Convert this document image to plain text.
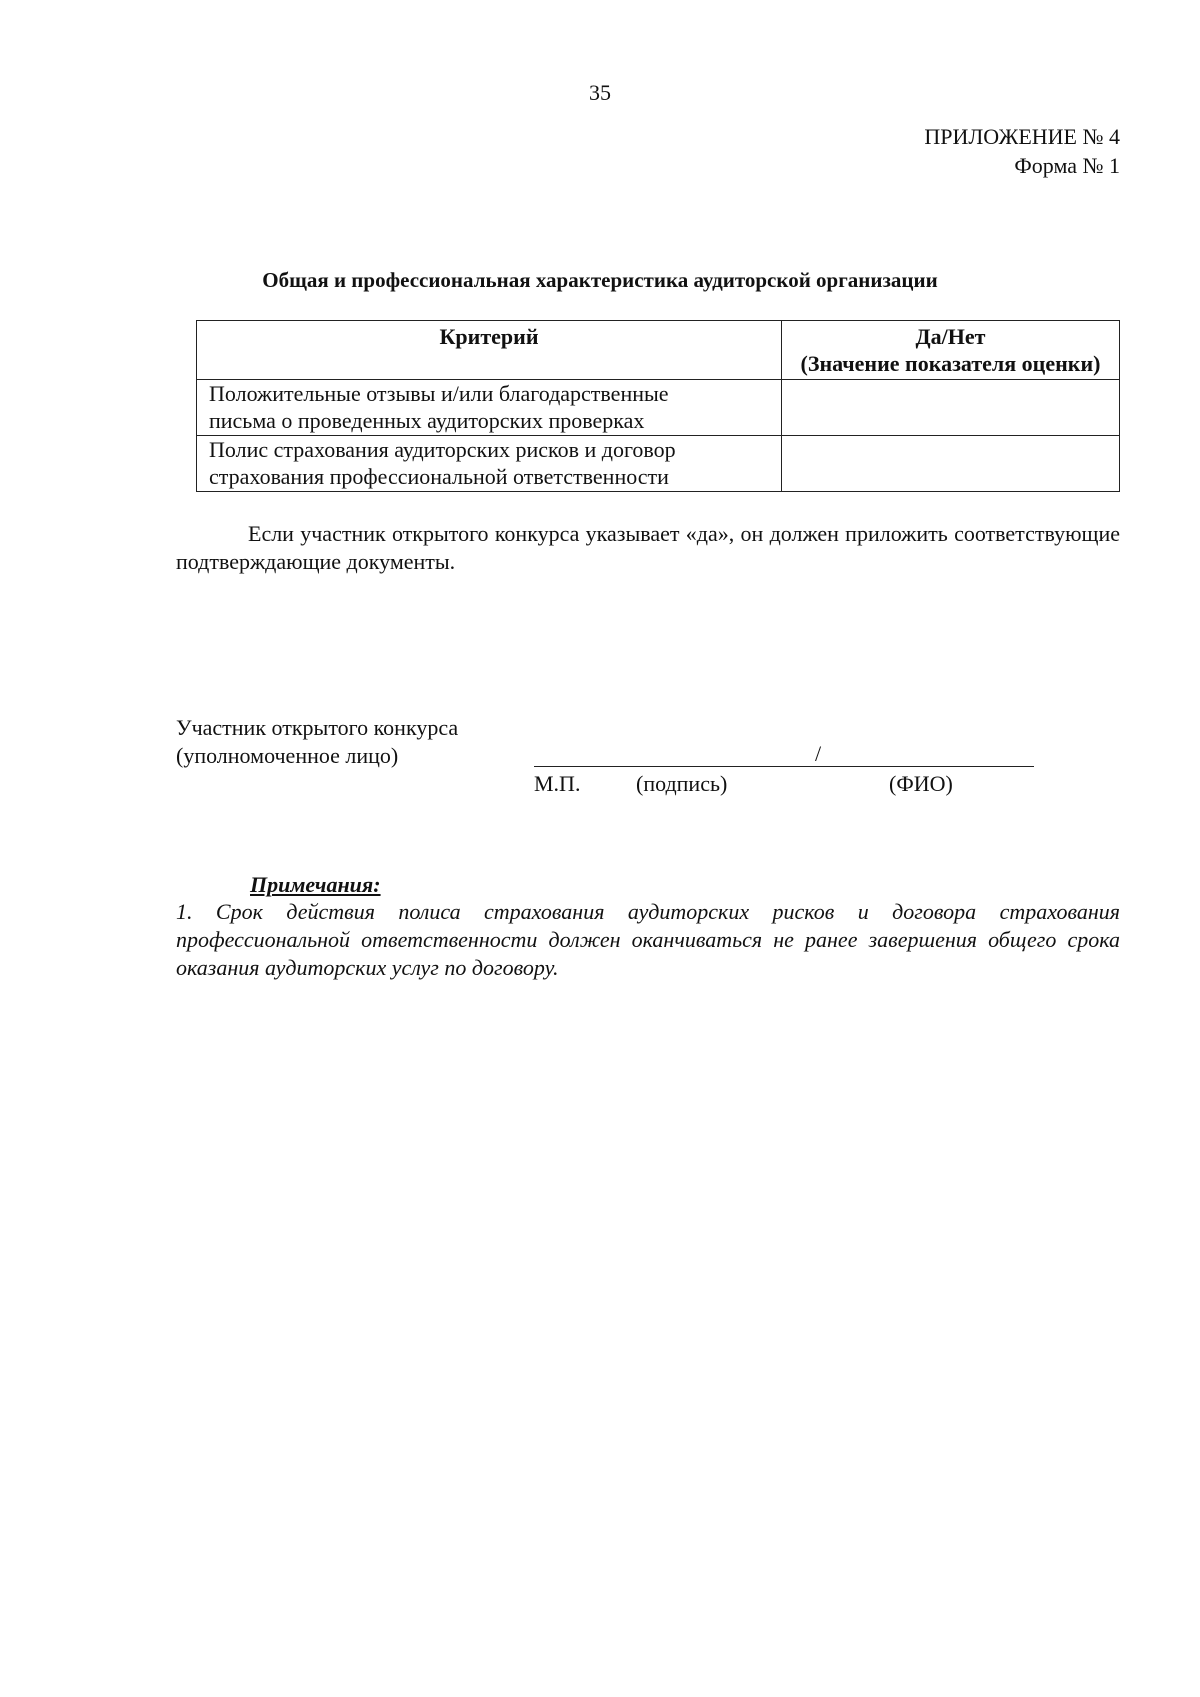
35
ПРИЛОЖЕНИЕ № 4
Форма № 1
Общая и профессиональная характеристика аудиторской организации
Критерий	Да/Нет
(Значение показателя оценки)

Положительные отзывы и/или благодарственные
письма о проведенных аудиторских проверках	

Полис страхования аудиторских рисков и договор
страхования профессиональной ответственности	

Если участник открытого конкурса указывает «да», он должен приложить соответствующие подтверждающие документы.
Участник открытого конкурса
(уполномоченное лицо)	/
М.П.	(подпись)	(ФИО)
Примечания:
1. Срок действия полиса страхования аудиторских рисков и договора страхования профессиональной ответственности должен оканчиваться не ранее завершения общего срока оказания аудиторских услуг по договору.
